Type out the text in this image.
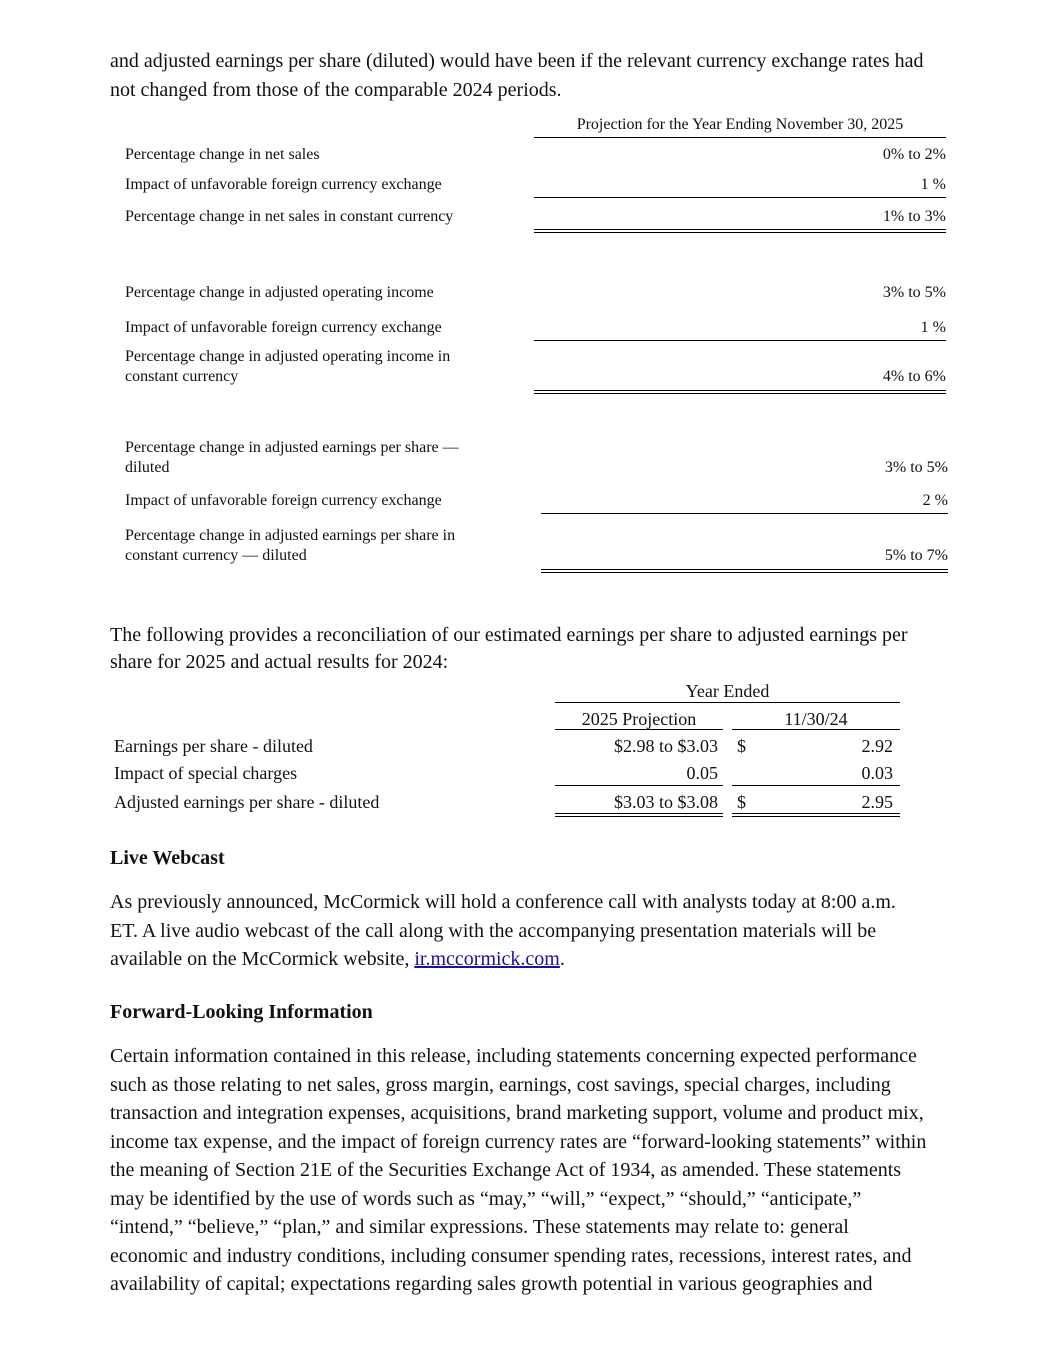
and adjusted earnings per share (diluted) would have been if the relevant currency exchange rates had
not changed from those of the comparable 2024 periods.
Projection for the Year Ending November 30, 2025
Percentage change in net sales	0% to 2%
Impact of unfavorable foreign currency exchange	1 %
Percentage change in net sales in constant currency	1% to 3%
Percentage change in adjusted operating income	3% to 5%
Impact of unfavorable foreign currency exchange	1 %
Percentage change in adjusted operating income in
constant currency	4% to 6%
Percentage change in adjusted earnings per share —
diluted	3% to 5%
Impact of unfavorable foreign currency exchange	2 %
Percentage change in adjusted earnings per share in
constant currency — diluted	5% to 7%
The following provides a reconciliation of our estimated earnings per share to adjusted earnings per
share for 2025 and actual results for 2024:
Year Ended
2025 Projection	11/30/24
Earnings per share - diluted	$2.98 to $3.03 $	2.92
Impact of special charges	0.05	0.03
Adjusted earnings per share - diluted	$3.03 to $3.08 $	2.95
Live Webcast
As previously announced, McCormick will hold a conference call with analysts today at 8:00 a.m.
ET. A live audio webcast of the call along with the accompanying presentation materials will be
available on the McCormick website, ir.mccormick.com.
Forward-Looking Information
Certain information contained in this release, including statements concerning expected performance
such as those relating to net sales, gross margin, earnings, cost savings, special charges, including
transaction and integration expenses, acquisitions, brand marketing support, volume and product mix,
income tax expense, and the impact of foreign currency rates are “forward-looking statements” within
the meaning of Section 21E of the Securities Exchange Act of 1934, as amended. These statements
may be identified by the use of words such as “may,” “will,” “expect,” “should,” “anticipate,”
“intend,” “believe,” “plan,” and similar expressions. These statements may relate to: general
economic and industry conditions, including consumer spending rates, recessions, interest rates, and
availability of capital; expectations regarding sales growth potential in various geographies and
